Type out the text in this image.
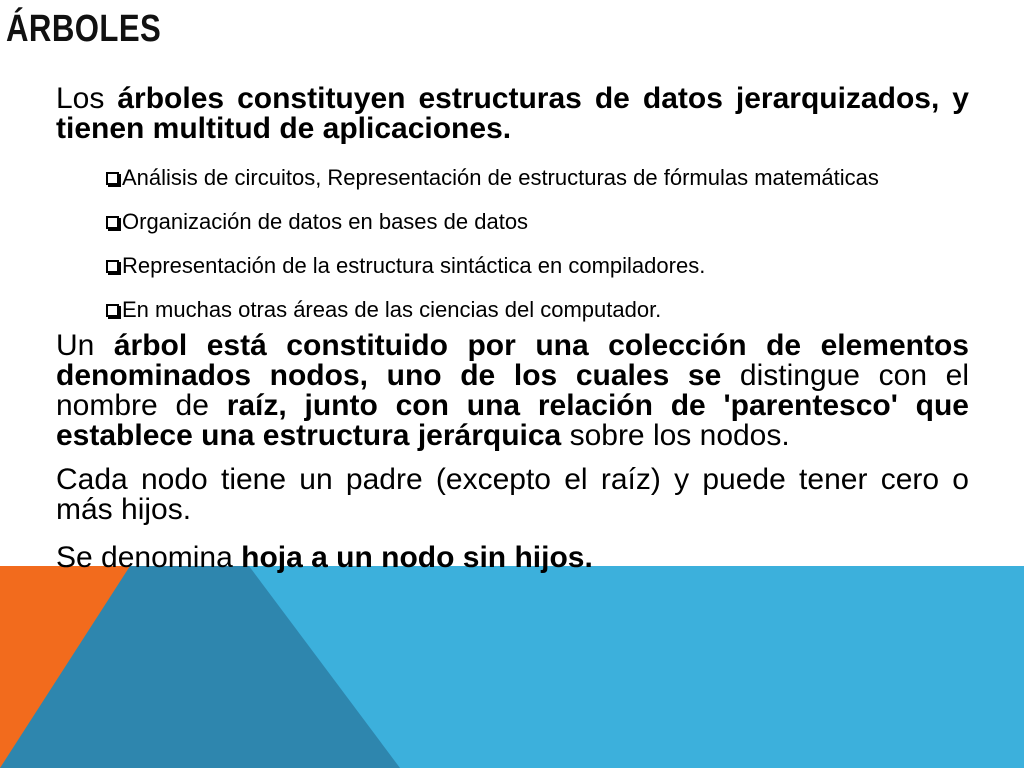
ÁRBOLES

Los árboles constituyen estructuras de datos jerarquizados, y tienen multitud de aplicaciones.

Análisis de circuitos, Representación de estructuras de fórmulas matemáticas
Organización de datos en bases de datos
Representación de la estructura sintáctica en compiladores.
En muchas otras áreas de las ciencias del computador.

Un árbol está constituido por una colección de elementos denominados nodos, uno de los cuales se distingue con el nombre de raíz, junto con una relación de 'parentesco' que establece una estructura jerárquica sobre los nodos.

Cada nodo tiene un padre (excepto el raíz) y puede tener cero o más hijos.

Se denomina hoja a un nodo sin hijos.
